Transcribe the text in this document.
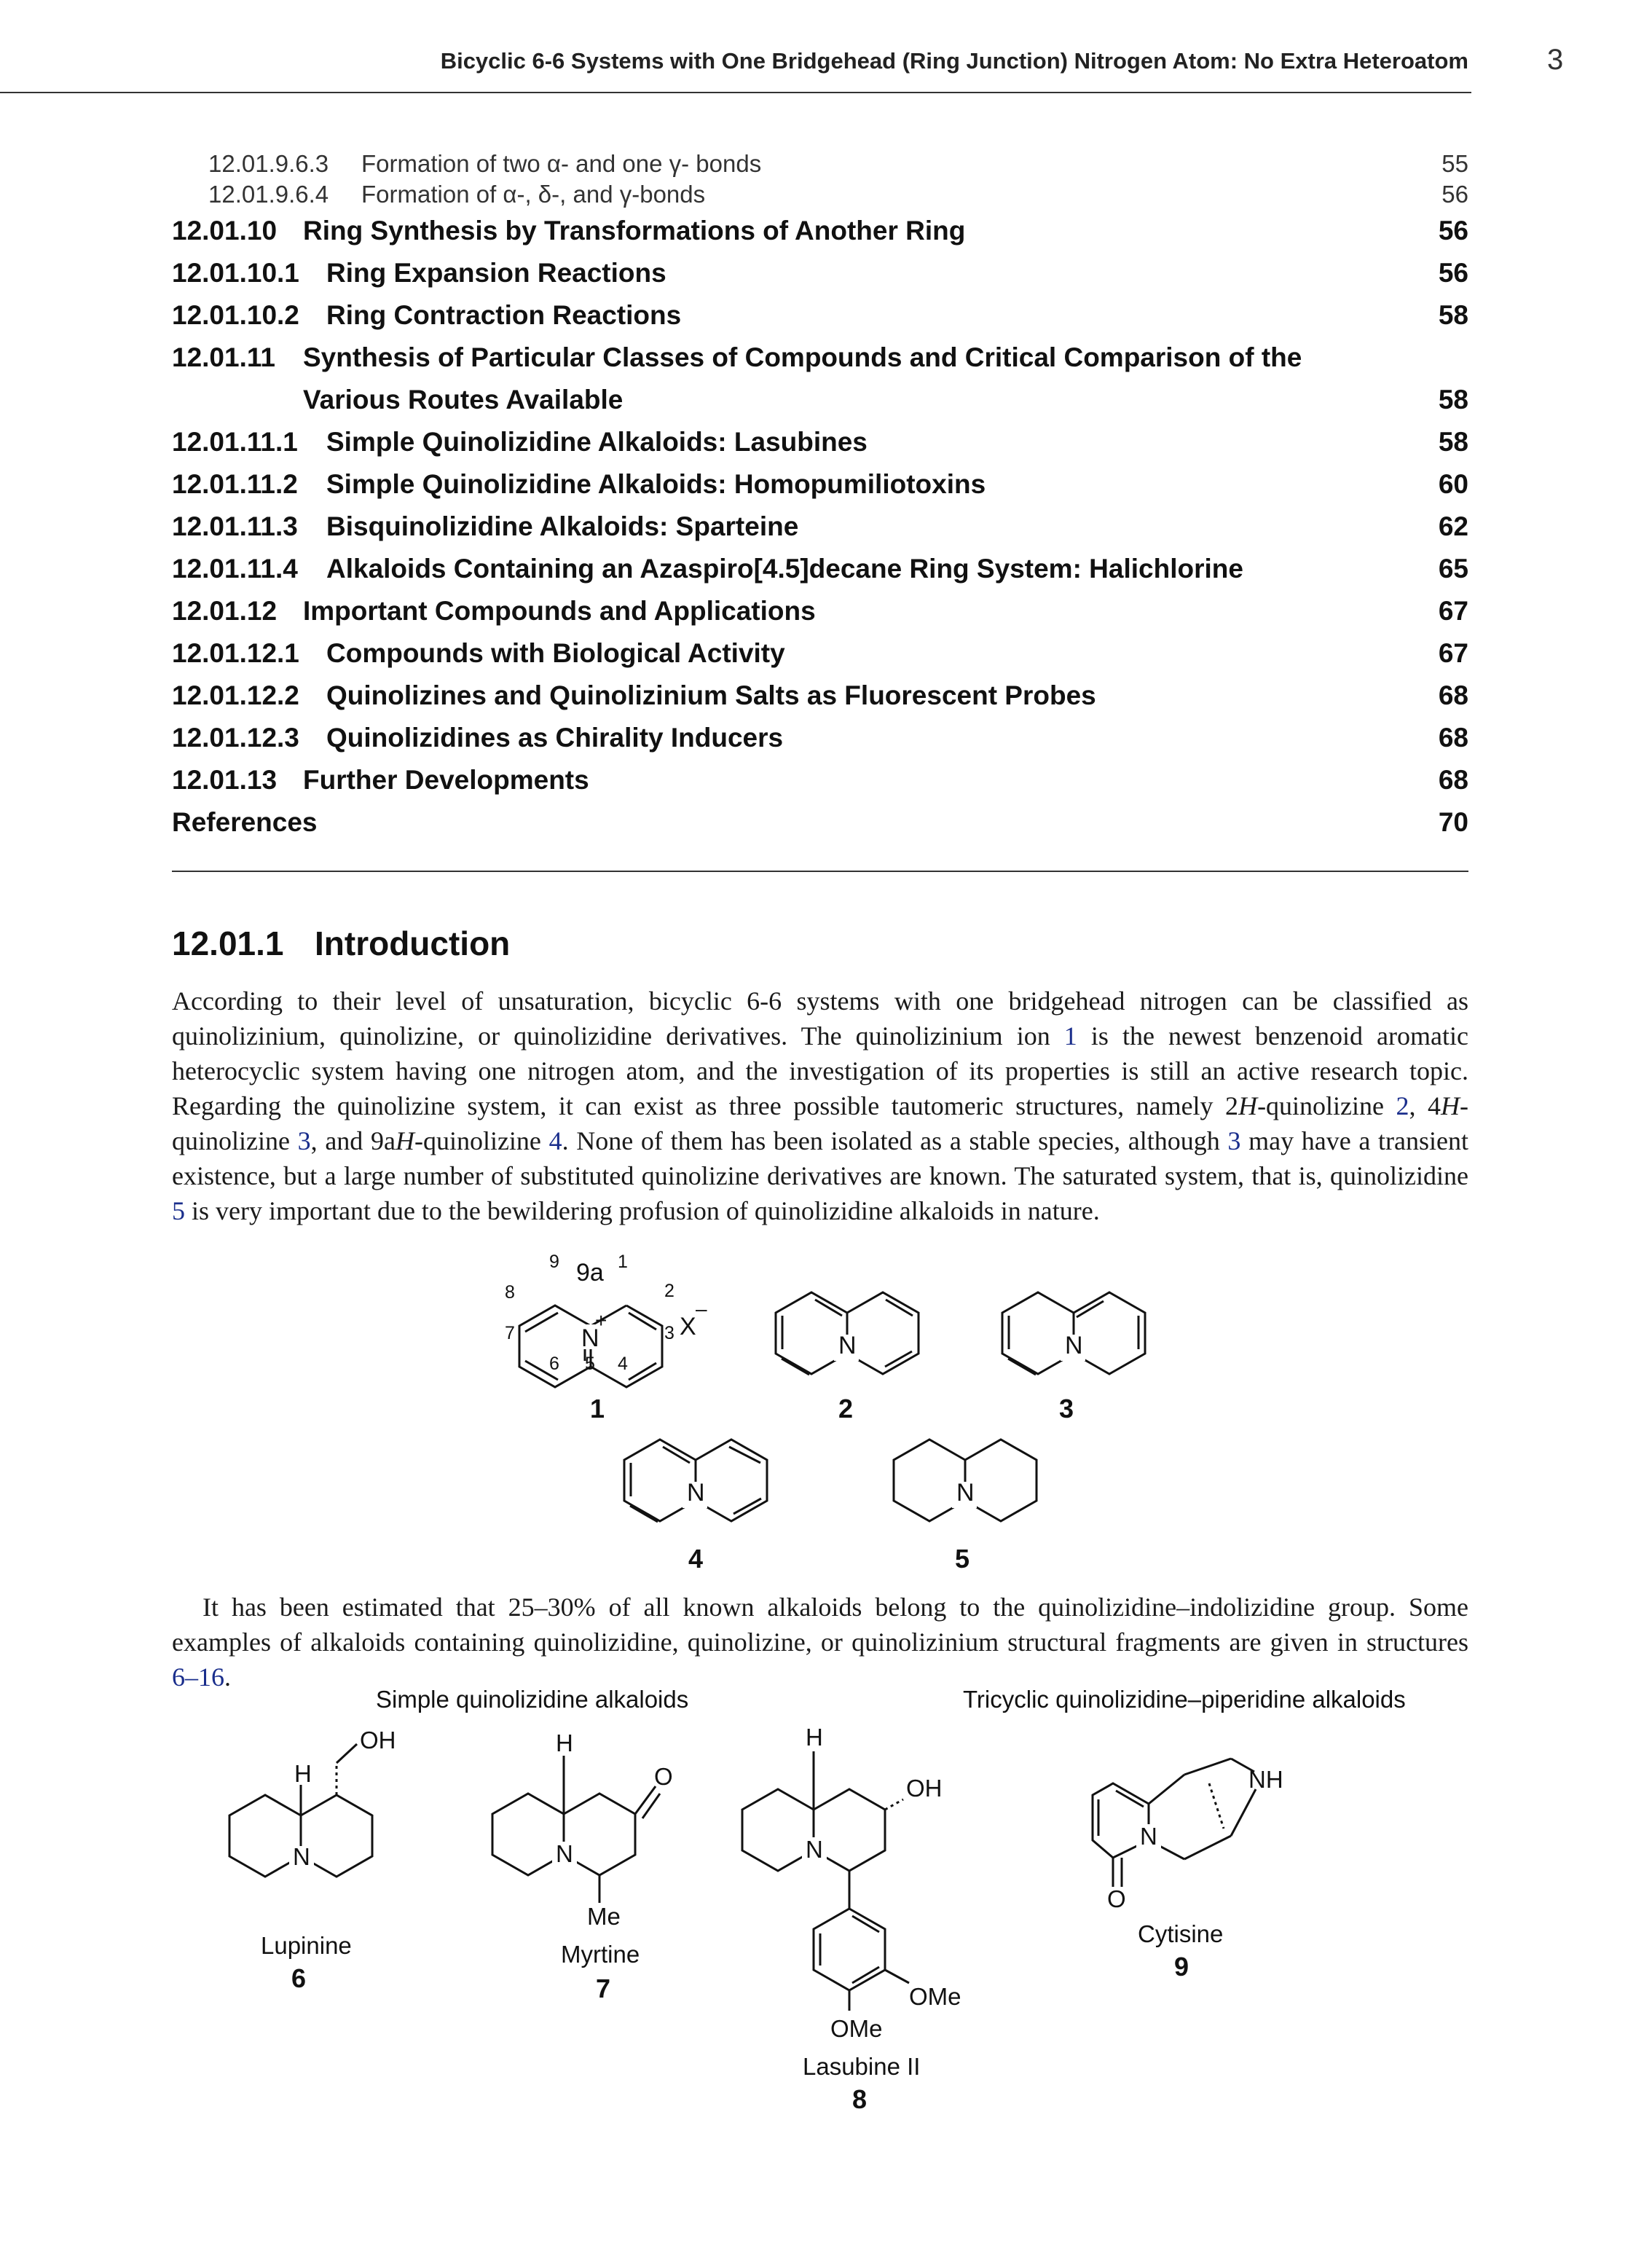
Bicyclic 6-6 Systems with One Bridgehead (Ring Junction) Nitrogen Atom: No Extra Heteroatom	3
12.01.9.6.3 Formation of two α- and one γ- bonds	55
12.01.9.6.4 Formation of α-, δ-, and γ-bonds	56
12.01.10 Ring Synthesis by Transformations of Another Ring	56
12.01.10.1 Ring Expansion Reactions	56
12.01.10.2 Ring Contraction Reactions	58
12.01.11 Synthesis of Particular Classes of Compounds and Critical Comparison of the
Various Routes Available	58
12.01.11.1 Simple Quinolizidine Alkaloids: Lasubines	58
12.01.11.2 Simple Quinolizidine Alkaloids: Homopumiliotoxins	60
12.01.11.3 Bisquinolizidine Alkaloids: Sparteine	62
12.01.11.4 Alkaloids Containing an Azaspiro[4.5]decane Ring System: Halichlorine	65
12.01.12 Important Compounds and Applications	67
12.01.12.1 Compounds with Biological Activity	67
12.01.12.2 Quinolizines and Quinolizinium Salts as Fluorescent Probes	68
12.01.12.3 Quinolizidines as Chirality Inducers	68
12.01.13 Further Developments	68
References	70
12.01.1 Introduction
According to their level of unsaturation, bicyclic 6-6 systems with one bridgehead nitrogen can be classified as quinolizinium, quinolizine, or quinolizidine derivatives. The quinolizinium ion 1 is the newest benzenoid aromatic heterocyclic system having one nitrogen atom, and the investigation of its properties is still an active research topic. Regarding the quinolizine system, it can exist as three possible tautomeric structures, namely 2H-quinolizine 2, 4H-quinolizine 3, and 9aH-quinolizine 4. None of them has been isolated as a stable species, although 3 may have a transient existence, but a large number of substituted quinolizine derivatives are known. The saturated system, that is, quinolizidine 5 is very important due to the bewildering profusion of quinolizidine alkaloids in nature.
9 9a 1
8	2
7	3
6 5 4
N
+	X
–
N	N
N	N
1	2	3
4	5
It has been estimated that 25–30% of all known alkaloids belong to the quinolizidine–indolizidine group. Some examples of alkaloids containing quinolizidine, quinolizine, or quinolizinium structural fragments are given in structures 6–16.
Simple quinolizidine alkaloids	Tricyclic quinolizidine–piperidine alkaloids
N
H
OH
N
H
O
Me
N
H
OH
OMe
OMe
N
O
NH
Lupinine	Myrtine
Lasubine II
Cytisine
6	7
8
9
